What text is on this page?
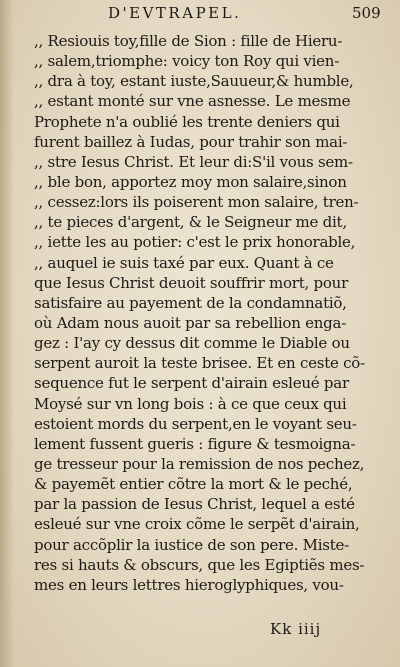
D'EVTRAPEL.	509
,, Resiouis toy,fille de Sion : fille de Hieru-
,, salem,triomphe: voicy ton Roy qui vien-
,, dra à toy, estant iuste,Sauueur,& humble,
,, estant monté sur vne asnesse. Le mesme
Prophete n'a oublié les trente deniers qui
furent baillez à Iudas, pour trahir son mai-
,, stre Iesus Christ. Et leur di:S'il vous sem-
,, ble bon, apportez moy mon salaire,sinon
,, cessez:lors ils poiserent mon salaire, tren-
,, te pieces d'argent, & le Seigneur me dit,
,, iette les au potier: c'est le prix honorable,
,, auquel ie suis taxé par eux. Quant à ce
que Iesus Christ deuoit souffrir mort, pour
satisfaire au payement de la condamnatiõ,
où Adam nous auoit par sa rebellion enga-
gez : I'ay cy dessus dit comme le Diable ou
serpent auroit la teste brisee. Et en ceste cõ-
sequence fut le serpent d'airain esleué par
Moysé sur vn long bois : à ce que ceux qui
estoient mords du serpent,en le voyant seu-
lement fussent gueris : figure & tesmoigna-
ge tresseur pour la remission de nos pechez,
& payemẽt entier cõtre la mort & le peché,
par la passion de Iesus Christ, lequel a esté
esleué sur vne croix cõme le serpẽt d'airain,
pour accõplir la iustice de son pere. Miste-
res si hauts & obscurs, que les Egiptiẽs mes-
mes en leurs lettres hieroglyphiques, vou-
Kk iiij
